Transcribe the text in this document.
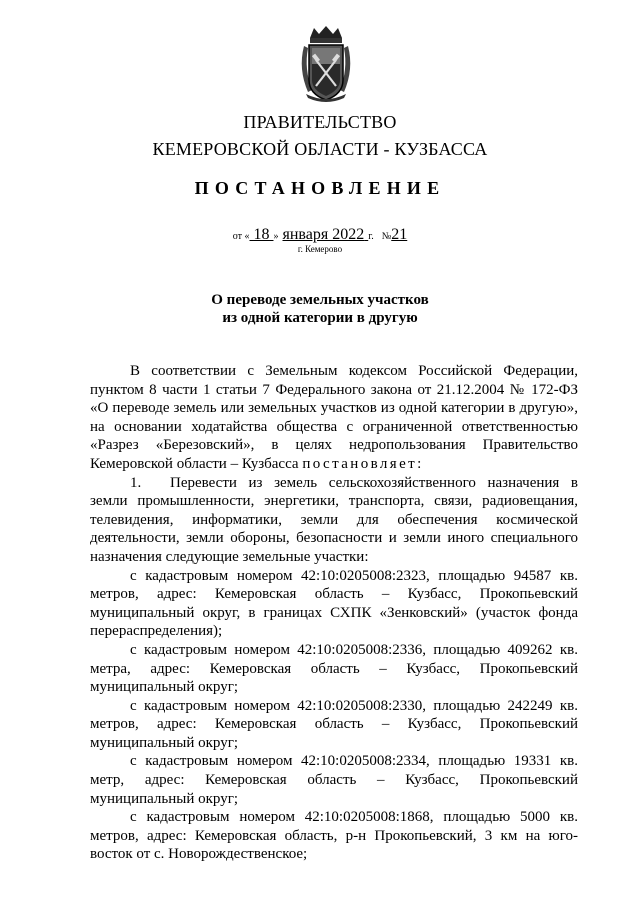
ПРАВИТЕЛЬСТВО
КЕМЕРОВСКОЙ ОБЛАСТИ - КУЗБАССА
ПОСТАНОВЛЕНИЕ
от « 18 » января 2022 г. №21
г. Кемерово
О переводе земельных участков
из одной категории в другую

В соответствии с Земельным кодексом Российской Федерации, пунктом 8 части 1 статьи 7 Федерального закона от 21.12.2004 № 172-ФЗ «О переводе земель или земельных участков из одной категории в другую», на основании ходатайства общества с ограниченной ответственностью «Разрез «Березовский», в целях недропользования Правительство Кемеровской области – Кузбасса постановляет:

1. Перевести из земель сельскохозяйственного назначения в земли промышленности, энергетики, транспорта, связи, радиовещания, телевидения, информатики, земли для обеспечения космической деятельности, земли обороны, безопасности и земли иного специального назначения следующие земельные участки:

с кадастровым номером 42:10:0205008:2323, площадью 94587 кв. метров, адрес: Кемеровская область – Кузбасс, Прокопьевский муниципальный округ, в границах СХПК «Зенковский» (участок фонда перераспределения);

с кадастровым номером 42:10:0205008:2336, площадью 409262 кв. метра, адрес: Кемеровская область – Кузбасс, Прокопьевский муниципальный округ;

с кадастровым номером 42:10:0205008:2330, площадью 242249 кв. метров, адрес: Кемеровская область – Кузбасс, Прокопьевский муниципальный округ;

с кадастровым номером 42:10:0205008:2334, площадью 19331 кв. метр, адрес: Кемеровская область – Кузбасс, Прокопьевский муниципальный округ;

с кадастровым номером 42:10:0205008:1868, площадью 5000 кв. метров, адрес: Кемеровская область, р-н Прокопьевский, 3 км на юго-восток от с. Новорождественское;
